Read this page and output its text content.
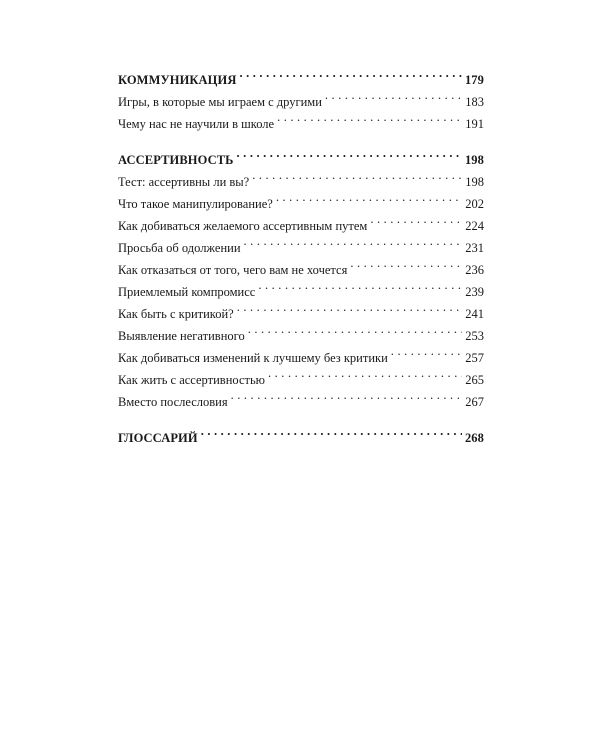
КОММУНИКАЦИЯ . . .	179
Игры, в которые мы играем с другими . . .	183
Чему нас не научили в школе . . .	191
АССЕРТИВНОСТЬ . . .	198
Тест: ассертивны ли вы? . . .	198
Что такое манипулирование? . . .	202
Как добиваться желаемого ассертивным путем . . .	224
Просьба об одолжении . . .	231
Как отказаться от того, чего вам не хочется . . .	236
Приемлемый компромисс . . .	239
Как быть с критикой? . . .	241
Выявление негативного . . .	253
Как добиваться изменений к лучшему без критики . . .	257
Как жить с ассертивностью . . .	265
Вместо послесловия . . .	267
ГЛОССАРИЙ . . .	268
